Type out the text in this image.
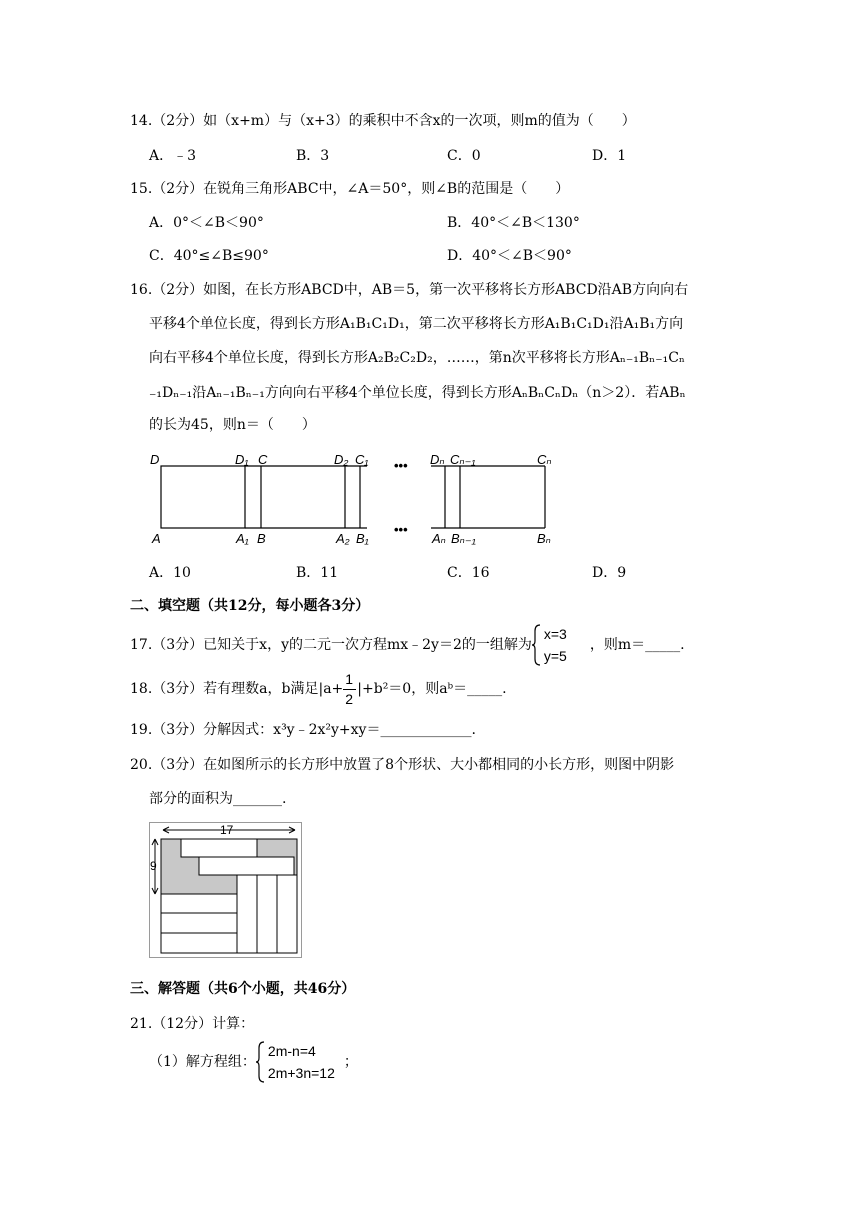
14.（2分）如（x+m）与（x+3）的乘积中不含x的一次项，则m的值为（　　）
A．﹣3	B．3	C．0	D．1
15.（2分）在锐角三角形ABC中，∠A＝50°，则∠B的范围是（　　）
A．0°＜∠B＜90°	B．40°＜∠B＜130°
C．40°≤∠B≤90°	D．40°＜∠B＜90°
16.（2分）如图，在长方形ABCD中，AB＝5，第一次平移将长方形ABCD沿AB方向向右
平移4个单位长度，得到长方形A₁B₁C₁D₁，第二次平移将长方形A₁B₁C₁D₁沿A₁B₁方向
向右平移4个单位长度，得到长方形A₂B₂C₂D₂，……，第n次平移将长方形Aₙ₋₁Bₙ₋₁Cₙ
₋₁Dₙ₋₁沿Aₙ₋₁Bₙ₋₁方向向右平移4个单位长度，得到长方形AₙBₙCₙDₙ（n＞2）．若ABₙ
的长为45，则n＝（　　）
D	D₁ C	D₂ C₁ ••• Dₙ Cₙ₋₁	Cₙ
A	A₁ B	A₂ B₁
•••
Aₙ Bₙ₋₁	Bₙ
A．10	B．11	C．16	D．9
二、填空题（共12分，每小题各3分）
17.（3分）已知关于x，y的二元一次方程mx﹣2y＝2的一组解为
x=3
y=5
，则m＝_____.
18.（3分）若有理数a，b满足$|a+ \frac{1}{2} |+b^2=0$，则aᵇ＝_____.
19.（3分）分解因式：x³y﹣2x²y+xy＝_____________.
20.（3分）在如图所示的长方形中放置了8个形状、大小都相同的小长方形，则图中阴影
部分的面积为_______.
17
9
三、解答题（共6个小题，共46分）
21.（12分）计算：
（1）解方程组：
2m-n=4
2m+3n=12
；
